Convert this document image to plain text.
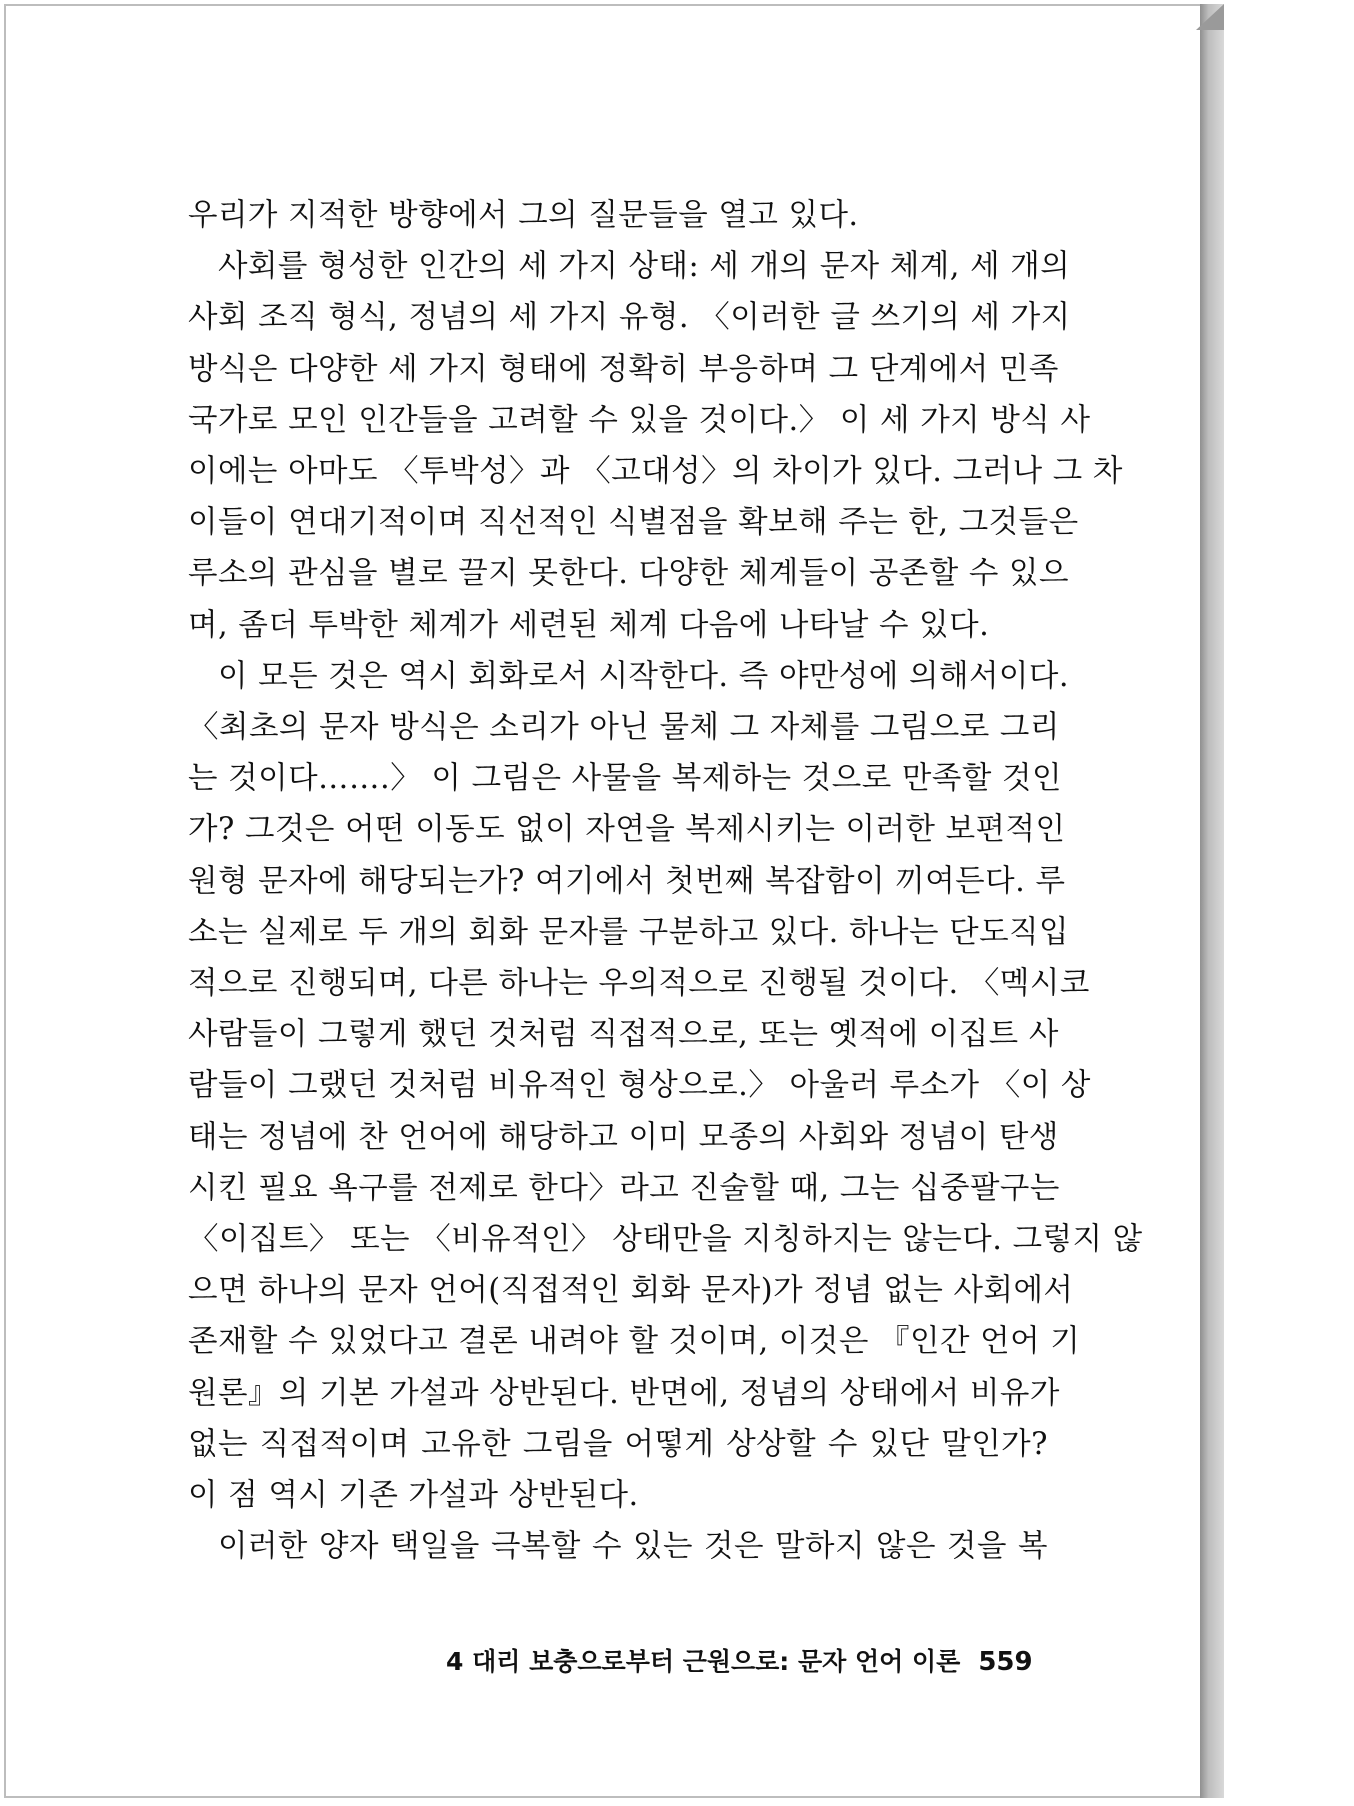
우리가 지적한 방향에서 그의 질문들을 열고 있다.
사회를 형성한 인간의 세 가지 상태: 세 개의 문자 체계, 세 개의
사회 조직 형식, 정념의 세 가지 유형. 〈이러한 글 쓰기의 세 가지
방식은 다양한 세 가지 형태에 정확히 부응하며 그 단계에서 민족
국가로 모인 인간들을 고려할 수 있을 것이다.〉 이 세 가지 방식 사
이에는 아마도 〈투박성〉과 〈고대성〉의 차이가 있다. 그러나 그 차
이들이 연대기적이며 직선적인 식별점을 확보해 주는 한, 그것들은
루소의 관심을 별로 끌지 못한다. 다양한 체계들이 공존할 수 있으
며, 좀더 투박한 체계가 세련된 체계 다음에 나타날 수 있다.
이 모든 것은 역시 회화로서 시작한다. 즉 야만성에 의해서이다.
〈최초의 문자 방식은 소리가 아닌 물체 그 자체를 그림으로 그리
는 것이다…….〉 이 그림은 사물을 복제하는 것으로 만족할 것인
가? 그것은 어떤 이동도 없이 자연을 복제시키는 이러한 보편적인
원형 문자에 해당되는가? 여기에서 첫번째 복잡함이 끼여든다. 루
소는 실제로 두 개의 회화 문자를 구분하고 있다. 하나는 단도직입
적으로 진행되며, 다른 하나는 우의적으로 진행될 것이다. 〈멕시코
사람들이 그렇게 했던 것처럼 직접적으로, 또는 옛적에 이집트 사
람들이 그랬던 것처럼 비유적인 형상으로.〉 아울러 루소가 〈이 상
태는 정념에 찬 언어에 해당하고 이미 모종의 사회와 정념이 탄생
시킨 필요 욕구를 전제로 한다〉라고 진술할 때, 그는 십중팔구는
〈이집트〉 또는 〈비유적인〉 상태만을 지칭하지는 않는다. 그렇지 않
으면 하나의 문자 언어(직접적인 회화 문자)가 정념 없는 사회에서
존재할 수 있었다고 결론 내려야 할 것이며, 이것은 『인간 언어 기
원론』의 기본 가설과 상반된다. 반면에, 정념의 상태에서 비유가
없는 직접적이며 고유한 그림을 어떻게 상상할 수 있단 말인가?
이 점 역시 기존 가설과 상반된다.
이러한 양자 택일을 극복할 수 있는 것은 말하지 않은 것을 복

4 대리 보충으로부터 근원으로: 문자 언어 이론 559
